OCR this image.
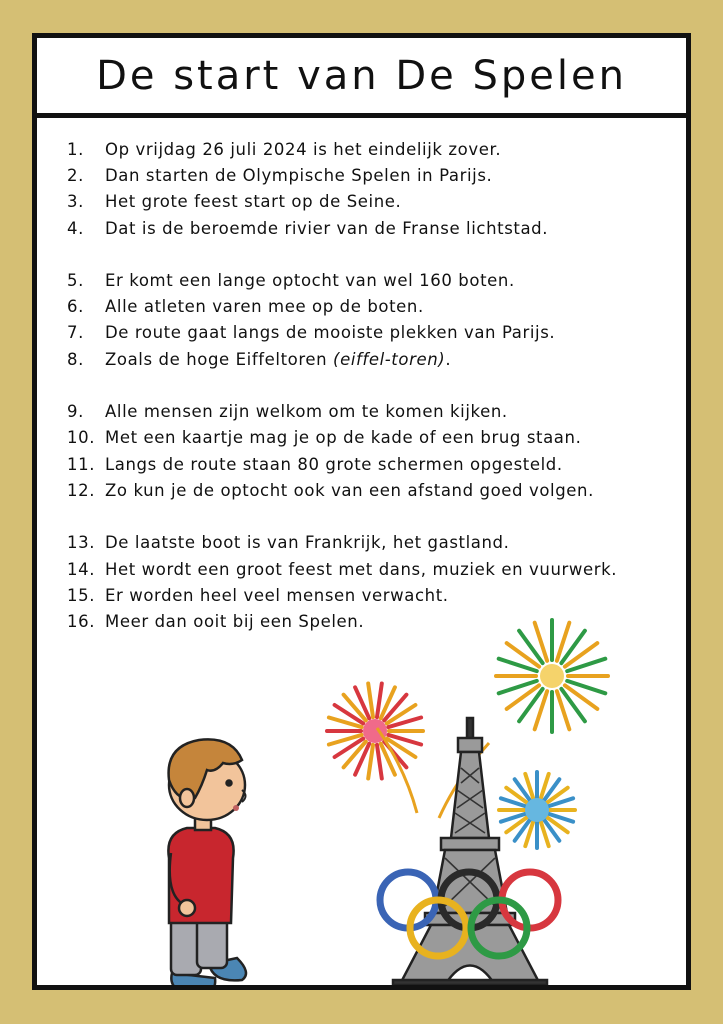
De start van De Spelen
1.	Op vrijdag 26 juli 2024 is het eindelijk zover.
2.	Dan starten de Olympische Spelen in Parijs.
3.	Het grote feest start op de Seine.
4.	Dat is de beroemde rivier van de Franse lichtstad.
5.	Er komt een lange optocht van wel 160 boten.
6.	Alle atleten varen mee op de boten.
7.	De route gaat langs de mooiste plekken van Parijs.
8.	Zoals de hoge Eiffeltoren (eiffel-toren).
9.	Alle mensen zijn welkom om te komen kijken.
10. Met een kaartje mag je op de kade of een brug staan.
11. Langs de route staan 80 grote schermen opgesteld.
12. Zo kun je de optocht ook van een afstand goed volgen.
13. De laatste boot is van Frankrijk, het gastland.
14. Het wordt een groot feest met dans, muziek en vuurwerk.
15. Er worden heel veel mensen verwacht.
16. Meer dan ooit bij een Spelen.
